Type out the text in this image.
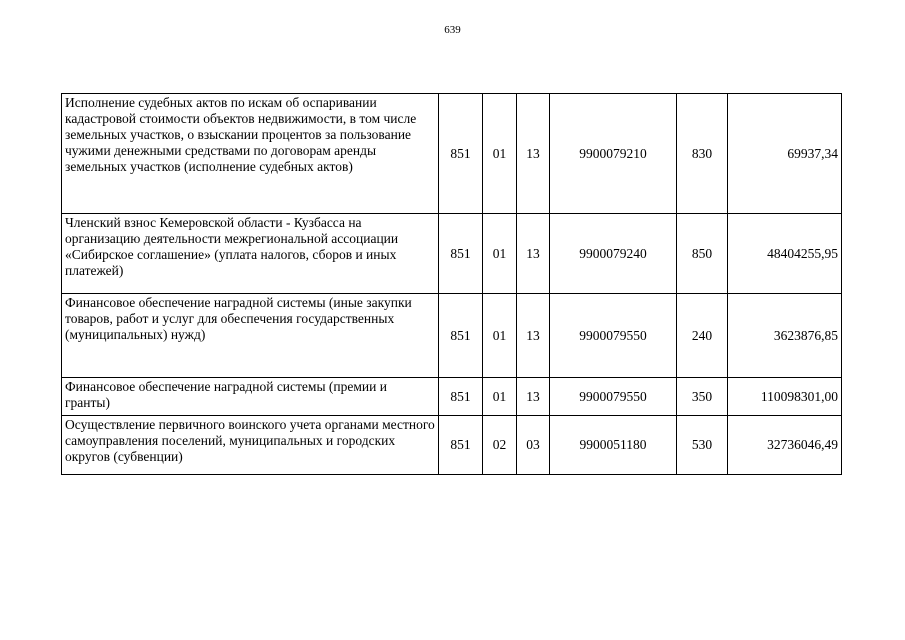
639
Исполнение судебных актов по искам об оспаривании кадастровой стоимости объектов недвижимости, в том числе земельных участков, о взыскании процентов за пользование чужими денежными средствами по договорам аренды земельных участков (исполнение судебных актов)	851	01	13	9900079210	830	69937,34
Членский взнос Кемеровской области - Кузбасса на организацию деятельности межрегиональной ассоциации «Сибирское соглашение» (уплата налогов, сборов и иных платежей)	851	01	13	9900079240	850	48404255,95
Финансовое обеспечение наградной системы (иные закупки товаров, работ и услуг для обеспечения государственных (муниципальных) нужд)	851	01	13	9900079550	240	3623876,85
Финансовое обеспечение наградной системы (премии и гранты)	851	01	13	9900079550	350	110098301,00
Осуществление первичного воинского учета органами местного самоуправления поселений, муниципальных и городских округов (субвенции)	851	02	03	9900051180	530	32736046,49
